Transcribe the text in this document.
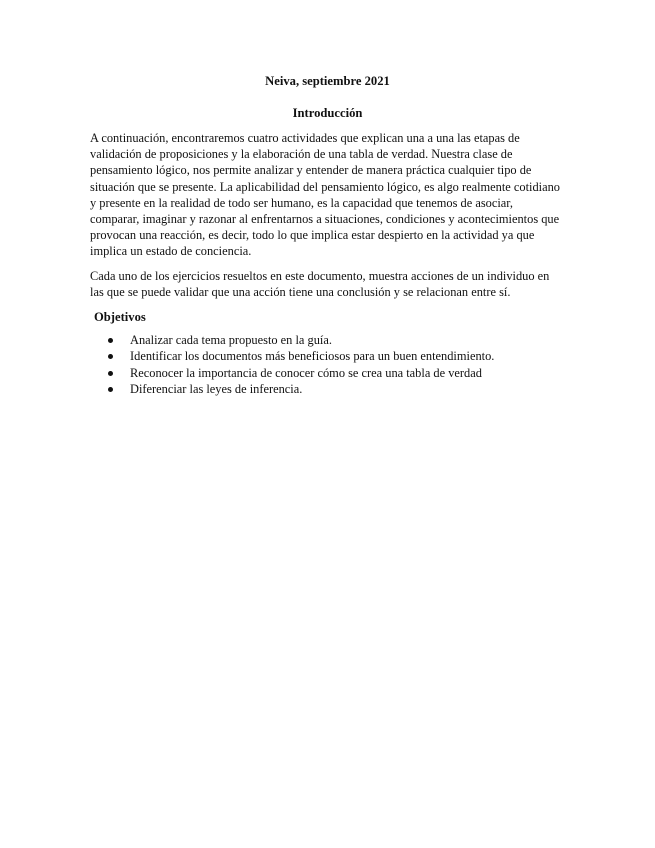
Neiva, septiembre 2021

Introducción

A continuación, encontraremos cuatro actividades que explican una a una las etapas de validación de proposiciones y la elaboración de una tabla de verdad. Nuestra clase de pensamiento lógico, nos permite analizar y entender de manera práctica cualquier tipo de situación que se presente. La aplicabilidad del pensamiento lógico, es algo realmente cotidiano y presente en la realidad de todo ser humano, es la capacidad que tenemos de asociar, comparar, imaginar y razonar al enfrentarnos a situaciones, condiciones y acontecimientos que provocan una reacción, es decir, todo lo que implica estar despierto en la actividad ya que implica un estado de conciencia.

Cada uno de los ejercicios resueltos en este documento, muestra acciones de un individuo en las que se puede validar que una acción tiene una conclusión y se relacionan entre sí.

Objetivos

Analizar cada tema propuesto en la guía.
Identificar los documentos más beneficiosos para un buen entendimiento.
Reconocer la importancia de conocer cómo se crea una tabla de verdad
Diferenciar las leyes de inferencia.
